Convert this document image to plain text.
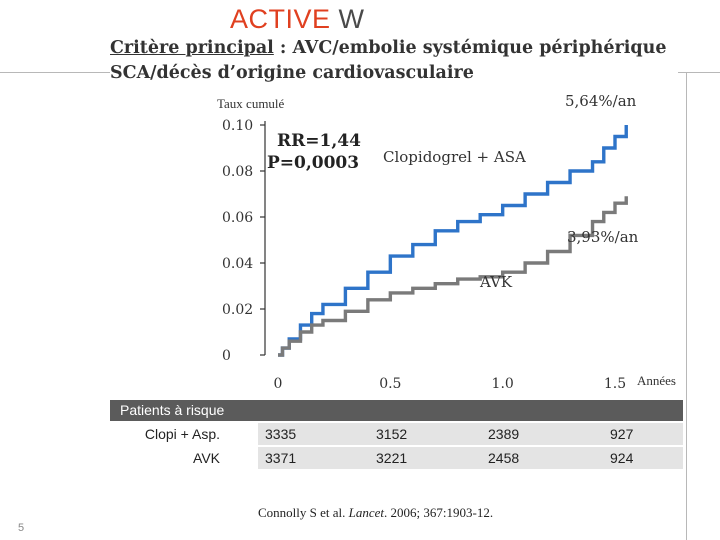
ACTIVE W
Critère principal : AVC/embolie systémique périphérique
SCA/décès d’origine cardiovasculaire
0.10
0.08
0.06
0.04
0.02
0
Taux cumulé
0	0.5	1.0	1.5 Années
Clopidogrel + ASA
5,64%/an
AVK
3,93%/an
RR=1,44
P=0,0003
Patients à risque
Clopi + Asp.	3335	3152	2389	927
AVK	3371	3221	2458	924
Connolly S et al. Lancet. 2006; 367:1903-12.
5
